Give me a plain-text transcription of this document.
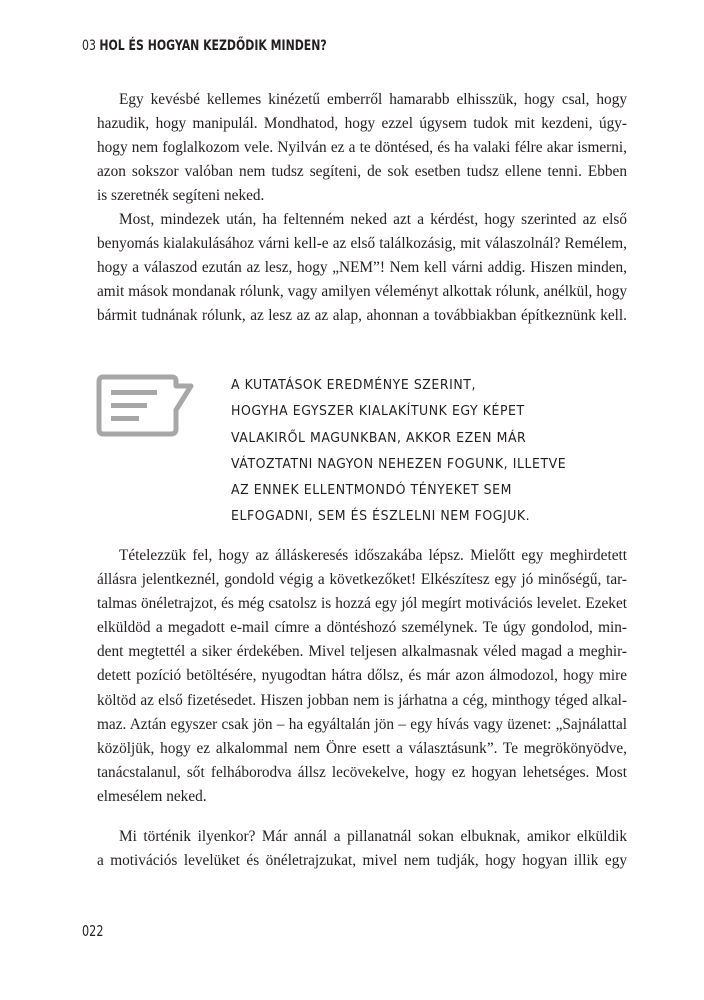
03 HOL ÉS HOGYAN KEZDŐDIK MINDEN?
Egy kevésbé kellemes kinézetű emberről hamarabb elhisszük, hogy csal, hogy
hazudik, hogy manipulál. Mondhatod, hogy ezzel úgysem tudok mit kezdeni, úgy-
hogy nem foglalkozom vele. Nyilván ez a te döntésed, és ha valaki félre akar ismerni,
azon sokszor valóban nem tudsz segíteni, de sok esetben tudsz ellene tenni. Ebben
is szeretnék segíteni neked.
Most, mindezek után, ha feltenném neked azt a kérdést, hogy szerinted az első
benyomás kialakulásához várni kell-e az első találkozásig, mit válaszolnál? Remélem,
hogy a válaszod ezután az lesz, hogy „NEM”! Nem kell várni addig. Hiszen minden,
amit mások mondanak rólunk, vagy amilyen véleményt alkottak rólunk, anélkül, hogy
bármit tudnának rólunk, az lesz az az alap, ahonnan a továbbiakban építkeznünk kell.
A KUTATÁSOK EREDMÉNYE SZERINT,
HOGYHA EGYSZER KIALAKÍTUNK EGY KÉPET
VALAKIRŐL MAGUNKBAN, AKKOR EZEN MÁR
VÁTOZTATNI NAGYON NEHEZEN FOGUNK, ILLETVE
AZ ENNEK ELLENTMONDÓ TÉNYEKET SEM
ELFOGADNI, SEM ÉS ÉSZLELNI NEM FOGJUK.
Tételezzük fel, hogy az álláskeresés időszakába lépsz. Mielőtt egy meghirdetett
állásra jelentkeznél, gondold végig a következőket! Elkészítesz egy jó minőségű, tar-
talmas önéletrajzot, és még csatolsz is hozzá egy jól megírt motivációs levelet. Ezeket
elküldöd a megadott e-mail címre a döntéshozó személynek. Te úgy gondolod, min-
dent megtettél a siker érdekében. Mivel teljesen alkalmasnak véled magad a meghir-
detett pozíció betöltésére, nyugodtan hátra dőlsz, és már azon álmodozol, hogy mire
költöd az első fizetésedet. Hiszen jobban nem is járhatna a cég, minthogy téged alkal-
maz. Aztán egyszer csak jön – ha egyáltalán jön – egy hívás vagy üzenet: „Sajnálattal
közöljük, hogy ez alkalommal nem Önre esett a választásunk”. Te megrökönyödve,
tanácstalanul, sőt felháborodva állsz lecövekelve, hogy ez hogyan lehetséges. Most
elmesélem neked.
Mi történik ilyenkor? Már annál a pillanatnál sokan elbuknak, amikor elküldik
a motivációs levelüket és önéletrajzukat, mivel nem tudják, hogy hogyan illik egy
022
